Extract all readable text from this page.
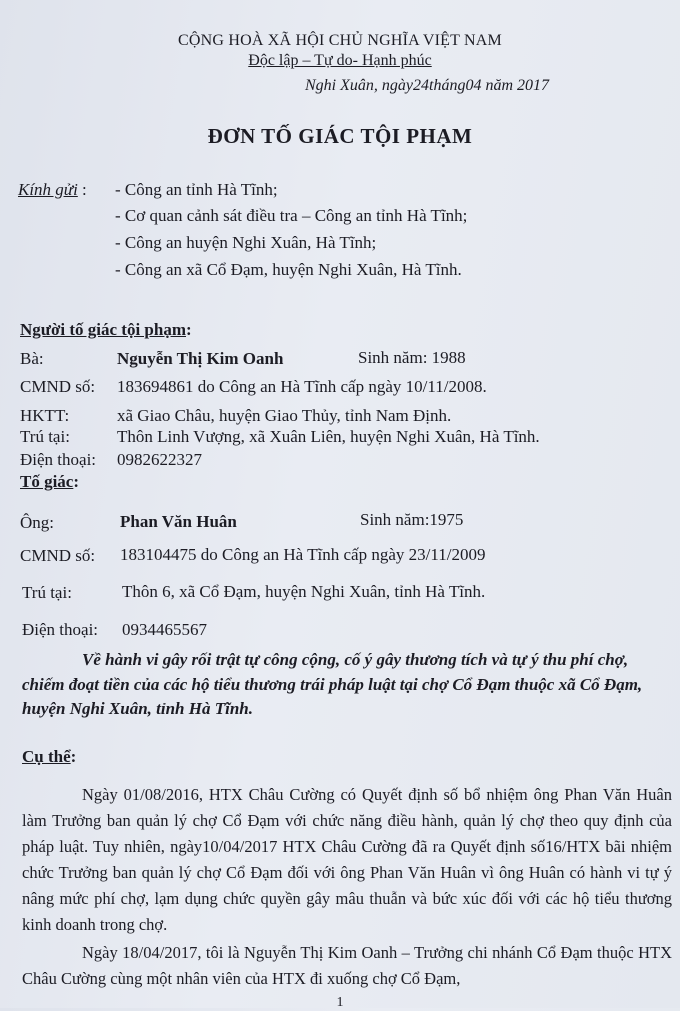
CỘNG HOÀ XÃ HỘI CHỦ NGHĨA VIỆT NAM
Độc lập – Tự do- Hạnh phúc
Nghi Xuân, ngày24tháng04 năm 2017
ĐƠN TỐ GIÁC TỘI PHẠM
Kính gửi : - Công an tỉnh Hà Tĩnh;
- Cơ quan cảnh sát điều tra – Công an tỉnh Hà Tĩnh;
- Công an huyện Nghi Xuân, Hà Tĩnh;
- Công an xã Cổ Đạm, huyện Nghi Xuân, Hà Tĩnh.
Người tố giác tội phạm:
Bà:	Nguyễn Thị Kim Oanh	Sinh năm: 1988
CMND số: 183694861 do Công an Hà Tĩnh cấp ngày 10/11/2008.
HKTT:	xã Giao Châu, huyện Giao Thủy, tỉnh Nam Định.
Trú tại:	Thôn Linh Vượng, xã Xuân Liên, huyện Nghi Xuân, Hà Tĩnh.
Điện thoại: 0982622327
Tố giác:
Ông:	Phan Văn Huân	Sinh năm:1975
CMND số: 183104475 do Công an Hà Tĩnh cấp ngày 23/11/2009
Trú tại:	Thôn 6, xã Cổ Đạm, huyện Nghi Xuân, tỉnh Hà Tĩnh.
Điện thoại: 0934465567
Về hành vi gây rối trật tự công cộng, cố ý gây thương tích và tự ý thu phí chợ, chiếm đoạt tiền của các hộ tiểu thương trái pháp luật tại chợ Cổ Đạm thuộc xã Cổ Đạm, huyện Nghi Xuân, tỉnh Hà Tĩnh.
Cụ thể:
Ngày 01/08/2016, HTX Châu Cường có Quyết định số bổ nhiệm ông Phan Văn Huân làm Trưởng ban quản lý chợ Cổ Đạm với chức năng điều hành, quản lý chợ theo quy định của pháp luật. Tuy nhiên, ngày10/04/2017 HTX Châu Cường đã ra Quyết định số16/HTX bãi nhiệm chức Trưởng ban quản lý chợ Cổ Đạm đối với ông Phan Văn Huân vì ông Huân có hành vi tự ý nâng mức phí chợ, lạm dụng chức quyền gây mâu thuẫn và bức xúc đối với các hộ tiểu thương kinh doanh trong chợ.
Ngày 18/04/2017, tôi là Nguyễn Thị Kim Oanh – Trưởng chi nhánh Cổ Đạm thuộc HTX Châu Cường cùng một nhân viên của HTX đi xuống chợ Cổ Đạm,
1
